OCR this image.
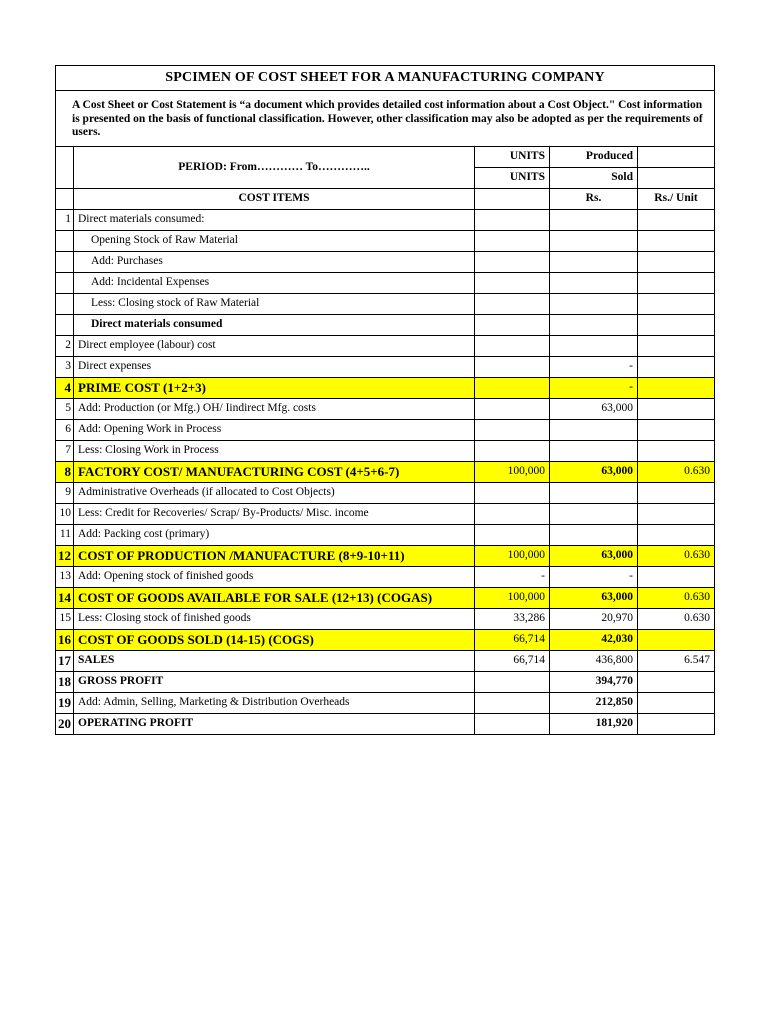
SPCIMEN OF COST SHEET FOR A MANUFACTURING COMPANY				
A Cost Sheet or Cost Statement is “a document which provides detailed cost information about a Cost Object." Cost information is presented on the basis of functional classification. However, other classification may also be adopted as per the requirements of users.				
	PERIOD: From………… To…………..	UNITS	Produced	
		UNITS	Sold	
	COST ITEMS		Rs.	Rs./ Unit
1	Direct materials consumed:			
	Opening Stock of Raw Material			
	Add: Purchases			
	Add: Incidental Expenses			
	Less: Closing stock of Raw Material			
	Direct materials consumed			
2	Direct employee (labour) cost			
3	Direct expenses		-	
4	PRIME COST (1+2+3)		-	
5	Add: Production (or Mfg.) OH/ Iindirect Mfg. costs		63,000	
6	Add: Opening Work in Process			
7	Less: Closing Work in Process			
8	FACTORY COST/ MANUFACTURING COST (4+5+6-7)	100,000	63,000	0.630
9	Administrative Overheads (if allocated to Cost Objects)			
10	Less: Credit for Recoveries/ Scrap/ By-Products/ Misc. income			
11	Add: Packing cost (primary)			
12	COST OF PRODUCTION /MANUFACTURE (8+9-10+11)	100,000	63,000	0.630
13	Add: Opening stock of finished goods	-	-	
14	COST OF GOODS AVAILABLE FOR SALE (12+13) (COGAS)	100,000	63,000	0.630
15	Less: Closing stock of finished goods	33,286	20,970	0.630
16	COST OF GOODS SOLD (14-15) (COGS)	66,714	42,030	
17	SALES	66,714	436,800	6.547
18	GROSS PROFIT		394,770	
19	Add: Admin, Selling, Marketing & Distribution Overheads		212,850	
20	OPERATING PROFIT		181,920	
